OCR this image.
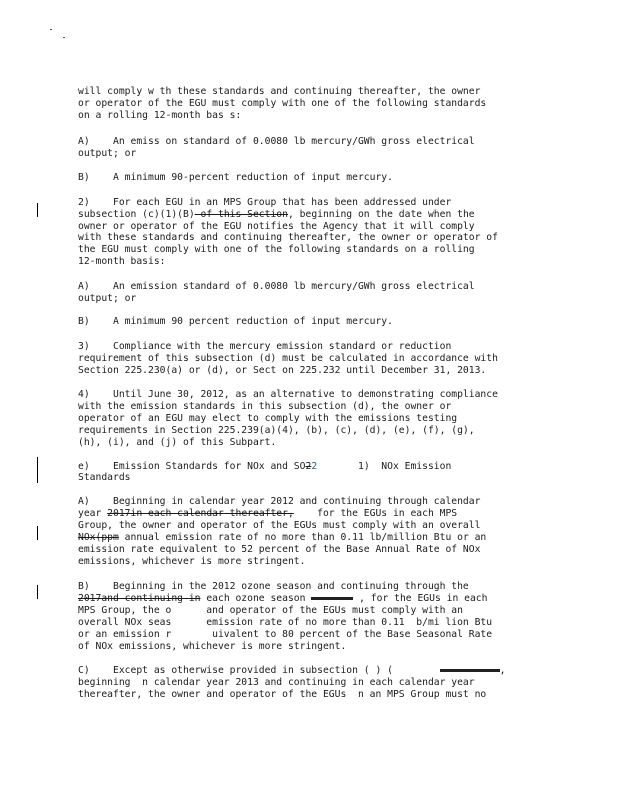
will comply w th these standards and continuing thereafter, the owner
or operator of the EGU must comply with one of the following standards
on a rolling 12-month bas s:
A)    An emiss on standard of 0.0080 lb mercury/GWh gross electrical
output; or
B)    A minimum 90-percent reduction of input mercury.
2)    For each EGU in an MPS Group that has been addressed under
subsection (c)(1)(B) of this Section, beginning on the date when the
owner or operator of the EGU notifies the Agency that it will comply
with these standards and continuing thereafter, the owner or operator of
the EGU must comply with one of the following standards on a rolling
12-month basis:
A)    An emission standard of 0.0080 lb mercury/GWh gross electrical
output; or
B)    A minimum 90 percent reduction of input mercury.
3)    Compliance with the mercury emission standard or reduction
requirement of this subsection (d) must be calculated in accordance with
Section 225.230(a) or (d), or Sect on 225.232 until December 31, 2013.
4)    Until June 30, 2012, as an alternative to demonstrating compliance
with the emission standards in this subsection (d), the owner or
operator of an EGU may elect to comply with the emissions testing
requirements in Section 225.239(a)(4), (b), (c), (d), (e), (f), (g),
(h), (i), and (j) of this Subpart.
e)    Emission Standards for NOx and SO22       1)  NOx Emission
Standards
A)    Beginning in calendar year 2012 and continuing through calendar
year 2017in each calendar thereafter,    for the EGUs in each MPS
Group, the owner and operator of the EGUs must comply with an overall
NOx(ppm annual emission rate of no more than 0.11 lb/million Btu or an
emission rate equivalent to 52 percent of the Base Annual Rate of NOx
emissions, whichever is more stringent.
B)    Beginning in the 2012 ozone season and continuing through the
2017and continuing in each ozone season	, for the EGUs in each
MPS Group, the o      and operator of the EGUs must comply with an
overall NOx seas      emission rate of no more than 0.11  b/mi lion Btu
or an emission r       uivalent to 80 percent of the Base Seasonal Rate
of NOx emissions, whichever is more stringent.
C)    Except as otherwise provided in subsection ( ) (	,
beginning  n calendar year 2013 and continuing in each calendar year
thereafter, the owner and operator of the EGUs  n an MPS Group must no
